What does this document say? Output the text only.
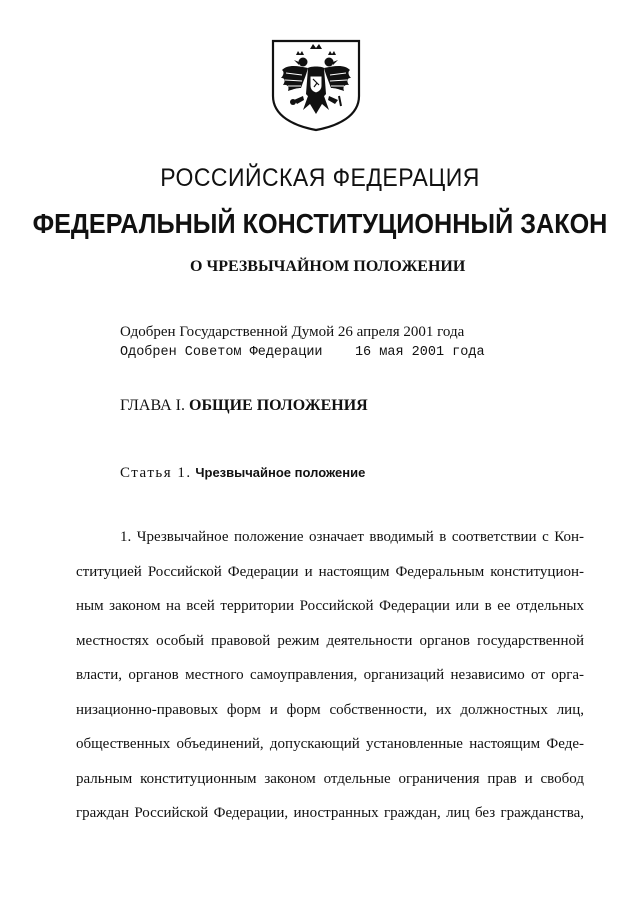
РОССИЙСКАЯ ФЕДЕРАЦИЯ
ФЕДЕРАЛЬНЫЙ КОНСТИТУЦИОННЫЙ ЗАКОН
О ЧРЕЗВЫЧАЙНОМ ПОЛОЖЕНИИ
Одобрен Государственной Думой 26 апреля 2001 года
Одобрен Советом Федерации    16 мая 2001 года
ГЛАВА I. ОБЩИЕ ПОЛОЖЕНИЯ
Статья 1. Чрезвычайное положение
1. Чрезвычайное положение означает вводимый в соответствии с Кон-
ституцией Российской Федерации и настоящим Федеральным конституцион-
ным законом на всей территории Российской Федерации или в ее отдельных
местностях особый правовой режим деятельности органов государственной
власти, органов местного самоуправления, организаций независимо от орга-
низационно-правовых форм и форм собственности, их должностных лиц,
общественных объединений, допускающий установленные настоящим Феде-
ральным конституционным законом отдельные ограничения прав и свобод
граждан Российской Федерации, иностранных граждан, лиц без гражданства,
